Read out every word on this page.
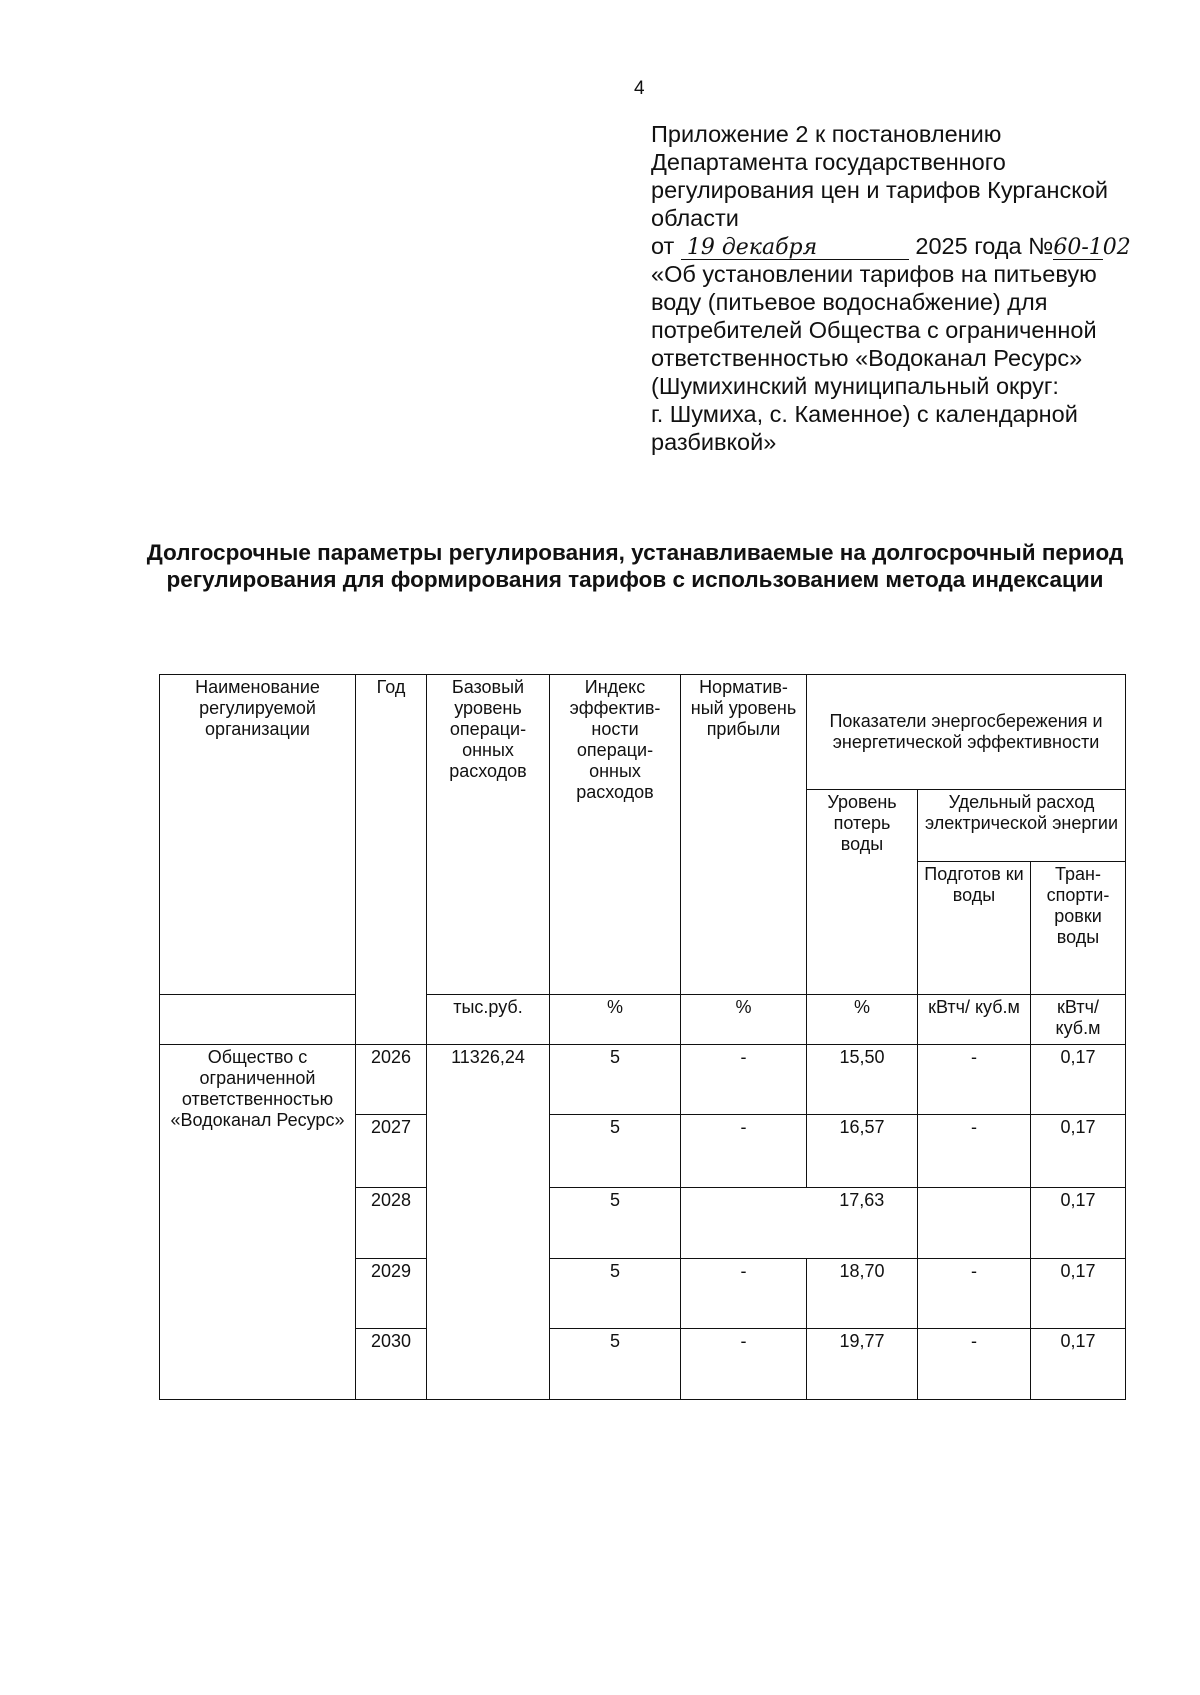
4
Приложение 2 к постановлению
Департамента государственного
регулирования цен и тарифов Курганской
области
от 19 декабря	2025 года №60-102
«Об установлении тарифов на питьевую
воду (питьевое водоснабжение) для
потребителей Общества с ограниченной
ответственностью «Водоканал Ресурс»
(Шумихинский муниципальный округ:
г. Шумиха, с. Каменное) с календарной
разбивкой»
Долгосрочные параметры регулирования, устанавливаемые на долгосрочный период регулирования для формирования тарифов с использованием метода индексации
Наименование регулируемой организации	Год	Базовый уровень операци-онных расходов	Индекс эффектив-ности операци-онных расходов	Норматив-ный уровень прибыли	Показатели энергосбережения и энергетической эффективности		
					Уровень потерь воды	Удельный расход электрической энергии	
						Подготов ки воды	Тран-спорти-ровки воды
		тыс.руб.	%	%	%	кВтч/ куб.м	кВтч/ куб.м
Общество с ограниченной ответственностью «Водоканал Ресурс»	2026	11326,24	5	-	15,50	-	0,17
	2027		5	-	16,57	-	0,17
	2028		5		17,63		0,17
	2029		5	-	18,70	-	0,17
	2030		5	-	19,77	-	0,17
